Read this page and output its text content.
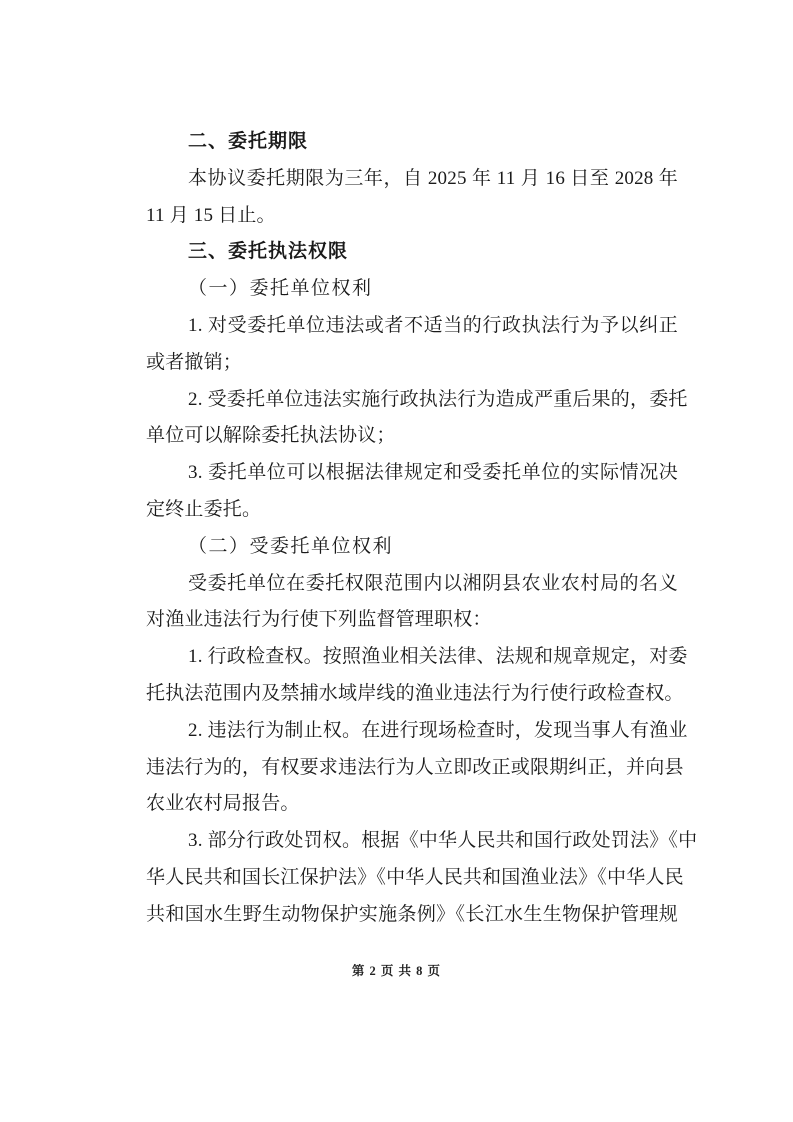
二、委托期限
本协议委托期限为三年，自 2025 年 11 月 16 日至 2028 年
11 月 15 日止。
三、委托执法权限
（一）委托单位权利
1. 对受委托单位违法或者不适当的行政执法行为予以纠正
或者撤销；
2. 受委托单位违法实施行政执法行为造成严重后果的，委托
单位可以解除委托执法协议；
3. 委托单位可以根据法律规定和受委托单位的实际情况决
定终止委托。
（二）受委托单位权利
受委托单位在委托权限范围内以湘阴县农业农村局的名义
对渔业违法行为行使下列监督管理职权：
1. 行政检查权。按照渔业相关法律、法规和规章规定，对委
托执法范围内及禁捕水域岸线的渔业违法行为行使行政检查权。
2. 违法行为制止权。在进行现场检查时，发现当事人有渔业
违法行为的，有权要求违法行为人立即改正或限期纠正，并向县
农业农村局报告。
3. 部分行政处罚权。根据《中华人民共和国行政处罚法》《中
华人民共和国长江保护法》《中华人民共和国渔业法》《中华人民
共和国水生野生动物保护实施条例》《长江水生生物保护管理规
第 2 页 共 8 页
